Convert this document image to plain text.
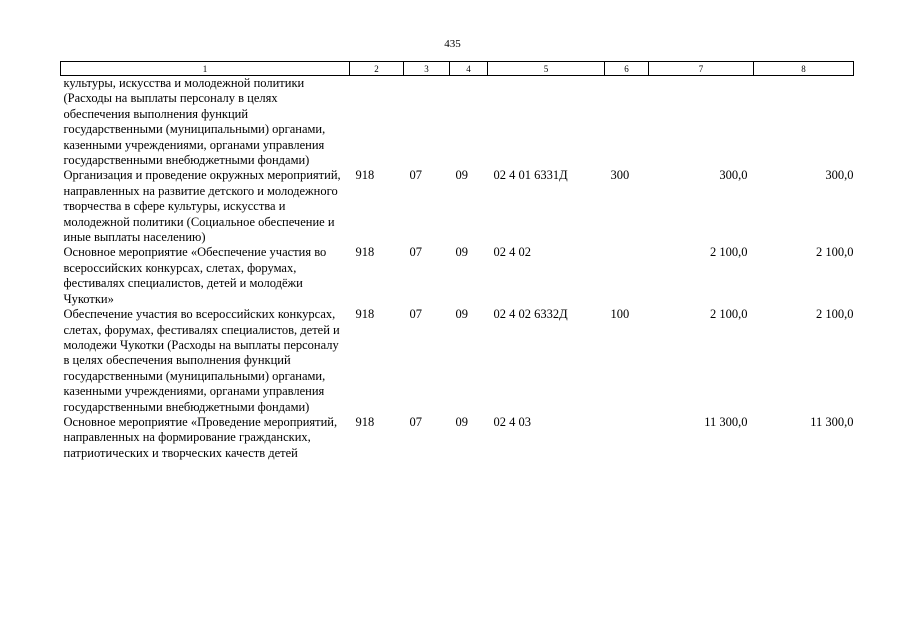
435
1	2	3	4	5	6	7	8
культуры, искусства и молодежной политики (Расходы на выплаты персоналу в целях обеспечения выполнения функций государственными (муниципальными) органами, казенными учреждениями, органами управления государственными внебюджетными фондами)							
Организация и проведение окружных мероприятий, направленных на развитие детского и молодежного творчества в сфере культуры, искусства и молодежной политики (Социальное обеспечение и иные выплаты населению)	918	07	09	02 4 01 6331Д	300	300,0	300,0
Основное мероприятие «Обеспечение участия во всероссийских конкурсах, слетах, форумах, фестивалях специалистов, детей и молодёжи Чукотки»	918	07	09	02 4 02		2 100,0	2 100,0
Обеспечение участия во всероссийских конкурсах, слетах, форумах, фестивалях специалистов, детей и молодежи Чукотки (Расходы на выплаты персоналу в целях обеспечения выполнения функций государственными (муниципальными) органами, казенными учреждениями, органами управления государственными внебюджетными фондами)	918	07	09	02 4 02 6332Д	100	2 100,0	2 100,0
Основное мероприятие «Проведение мероприятий, направленных на формирование гражданских, патриотических и творческих качеств детей	918	07	09	02 4 03		11 300,0	11 300,0
